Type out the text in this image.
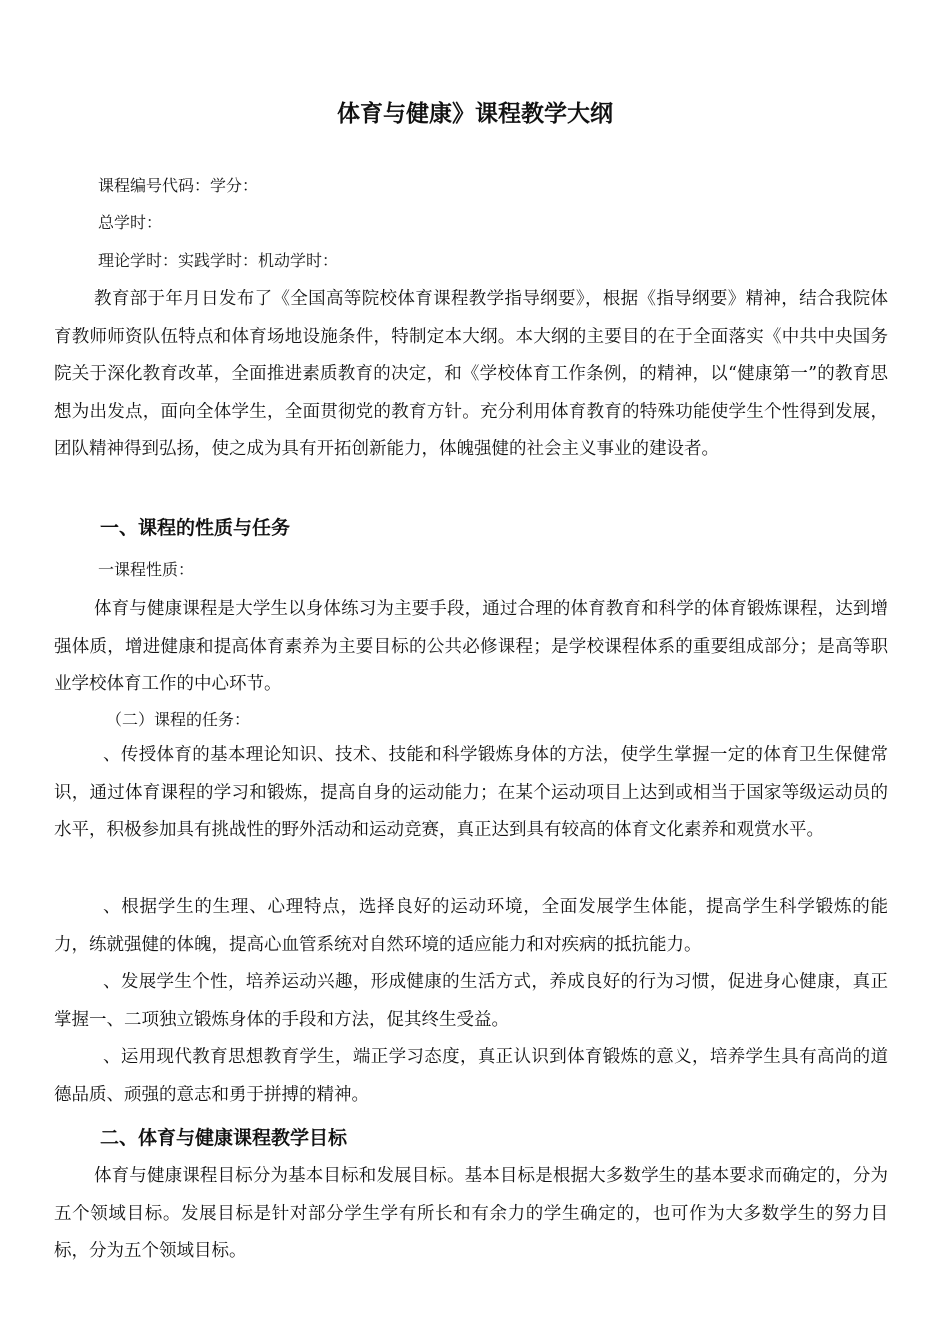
体育与健康》课程教学大纲
课程编号代码：学分：
总学时：
理论学时：实践学时：机动学时：
教育部于年月日发布了《全国高等院校体育课程教学指导纲要》，根据《指导纲要》精神，结合我院体育教师师资队伍特点和体育场地设施条件，特制定本大纲。本大纲的主要目的在于全面落实《中共中央国务院关于深化教育改革，全面推进素质教育的决定，和《学校体育工作条例，的精神，以“健康第一”的教育思想为出发点，面向全体学生，全面贯彻党的教育方针。充分利用体育教育的特殊功能使学生个性得到发展，团队精神得到弘扬，使之成为具有开拓创新能力，体魄强健的社会主义事业的建设者。
一、课程的性质与任务
一课程性质：
体育与健康课程是大学生以身体练习为主要手段，通过合理的体育教育和科学的体育锻炼课程，达到增强体质，增进健康和提高体育素养为主要目标的公共必修课程；是学校课程体系的重要组成部分；是高等职业学校体育工作的中心环节。
（二）课程的任务：
、传授体育的基本理论知识、技术、技能和科学锻炼身体的方法，使学生掌握一定的体育卫生保健常识，通过体育课程的学习和锻炼，提高自身的运动能力；在某个运动项目上达到或相当于国家等级运动员的水平，积极参加具有挑战性的野外活动和运动竞赛，真正达到具有较高的体育文化素养和观赏水平。
、根据学生的生理、心理特点，选择良好的运动环境，全面发展学生体能，提高学生科学锻炼的能力，练就强健的体魄，提高心血管系统对自然环境的适应能力和对疾病的抵抗能力。
、发展学生个性，培养运动兴趣，形成健康的生活方式，养成良好的行为习惯，促进身心健康，真正掌握一、二项独立锻炼身体的手段和方法，促其终生受益。
、运用现代教育思想教育学生，端正学习态度，真正认识到体育锻炼的意义，培养学生具有高尚的道德品质、顽强的意志和勇于拼搏的精神。
二、体育与健康课程教学目标
体育与健康课程目标分为基本目标和发展目标。基本目标是根据大多数学生的基本要求而确定的，分为五个领域目标。发展目标是针对部分学生学有所长和有余力的学生确定的，也可作为大多数学生的努力目标，分为五个领域目标。
